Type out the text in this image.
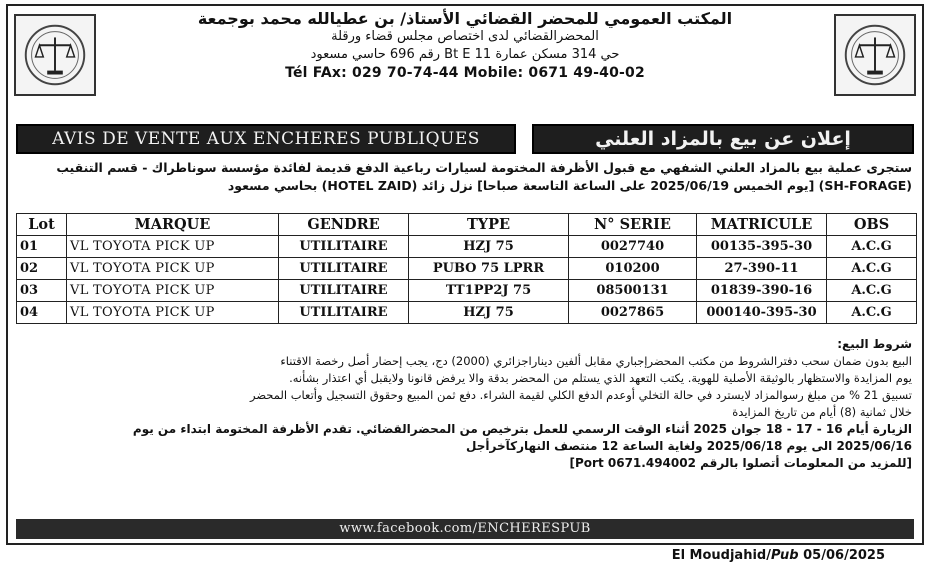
المكتب العمومي للمحضر القضائي الأستاذ/ بن عطيالله محمد بوجمعة
المحضرالقضائي لدى اختصاص مجلس قضاء ورقلة
حي 314 مسكن عمارة Bt E 11 رقم 696 حاسي مسعود
Tél FAx: 029 70-74-44 Mobile: 0671 49-40-02
AVIS DE VENTE AUX ENCHERES PUBLIQUES	إعلان عن بيع بالمزاد العلني
ستجرى عملية بيع بالمزاد العلني الشفهي مع قبول الأظرفة المختومة لسيارات رباعية الدفع قديمة لفائدة مؤسسة سوناطراك - قسم التنقيب
(SH-FORAGE) [يوم الخميس 2025/06/19 على الساعة التاسعة صباحا] نزل زائد (HOTEL ZAID) بحاسي مسعود
Lot	MARQUE	GENDRE	TYPE	N° SERIE	MATRICULE	OBS
01	VL TOYOTA PICK UP	UTILITAIRE	HZJ 75	0027740	00135-395-30	A.C.G
02	VL TOYOTA PICK UP	UTILITAIRE	PUBO 75 LPRR	010200	27-390-11	A.C.G
03	VL TOYOTA PICK UP	UTILITAIRE	TT1PP2J 75	08500131	01839-390-16	A.C.G
04	VL TOYOTA PICK UP	UTILITAIRE	HZJ 75	0027865	000140-395-30	A.C.G
شروط البيع:
البيع بدون ضمان سحب دفترالشروط من مكتب المحضرإجباري مقابل ألفين ديناراجزائري (2000) دج، يجب إحضار أصل رخصة الاقتناء
يوم المزايدة والاستظهار بالوثيقة الأصلية للهوية. يكتب التعهد الذي يستلم من المحضر بدقة والا يرفض قانونا ولايقبل أي اعتذار بشأنه.
تسبيق 21 % من مبلغ رسوالمزاد لايسترد في حالة التخلي أوعدم الدفع الكلي لقيمة الشراء. دفع ثمن المبيع وحقوق التسجيل وأتعاب المحضر
خلال ثمانية (8) أيام من تاريخ المزايدة
الزيارة أيام 16 - 17 - 18 جوان 2025 أثناء الوقت الرسمي للعمل بترخيص من المحضرالقضائي. تقدم الأظرفة المختومة ابتداء من يوم
2025/06/16 الى يوم 2025/06/18 ولغاية الساعة 12 منتصف النهاركآخرأجل
[للمزيد من المعلومات أتصلوا بالرقم Port 0671.494002]
www.facebook.com/ENCHERESPUB
El Moudjahid/Pub 05/06/2025
